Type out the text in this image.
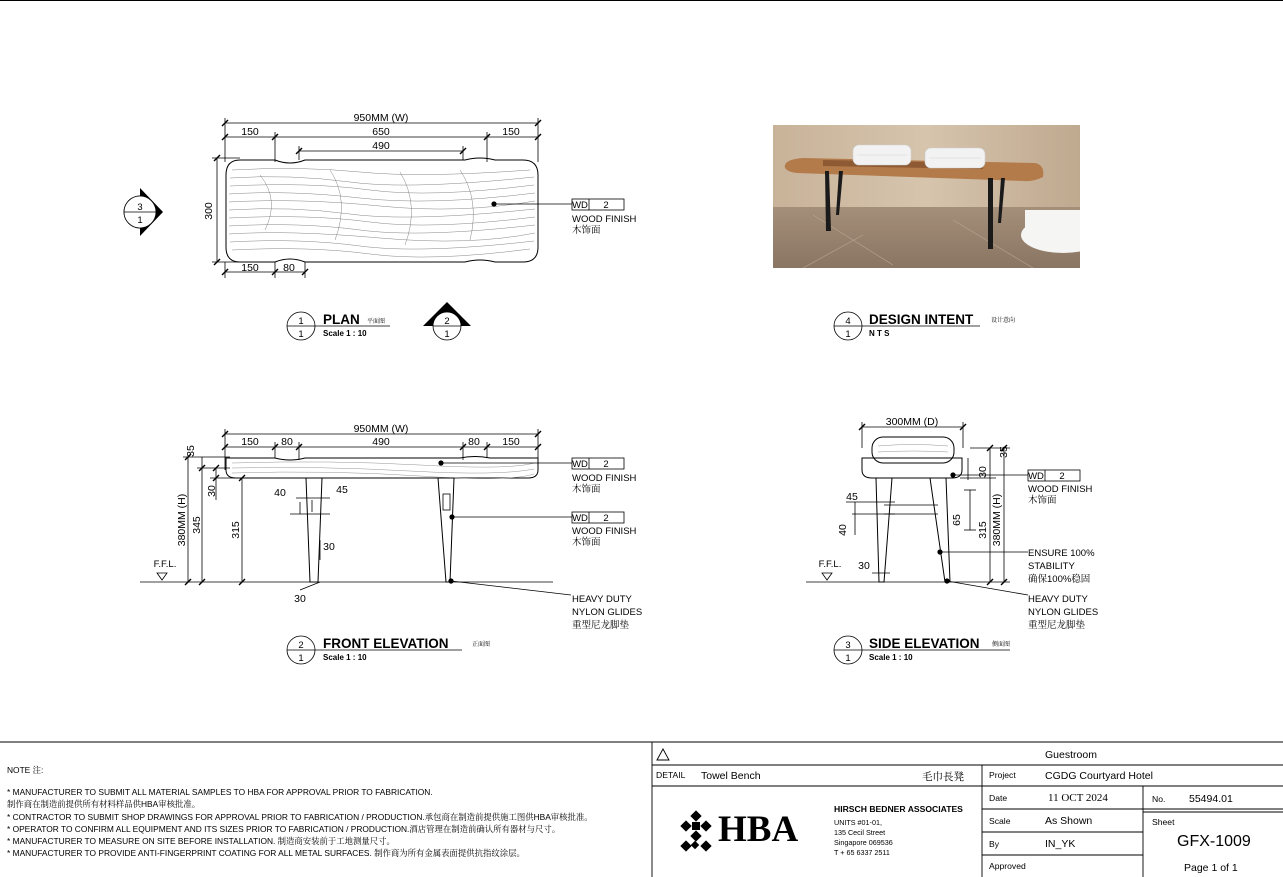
950MM (W)
150	650	150
490
300
150 80
WD 2
WOOD FINISH
木饰面
3
1
1
1
PLAN 平面图
Scale 1 : 10
2
1
4
1
DESIGN INTENT	设计意向
N T S
950MM (W)
150 80	490	80 150
35
30
345
380MM (H)	315
40	45
30
30
F.F.L.
WD 2
WOOD FINISH
木饰面
WD 2
WOOD FINISH
木饰面
HEAVY DUTY
NYLON GLIDES
重型尼龙脚垫
2
1
FRONT ELEVATION	正面图
Scale 1 : 10
300MM (D)
35
30
45
40
65
315 380MM (H)
30
F.F.L.
WD 2
WOOD FINISH
木饰面
ENSURE 100%
STABILITY
确保100%稳固
HEAVY DUTY
NYLON GLIDES
重型尼龙脚垫
3
1
SIDE ELEVATION 侧面图
Scale 1 : 10
NOTE 注:
* MANUFACTURER TO SUBMIT ALL MATERIAL SAMPLES TO HBA FOR APPROVAL PRIOR TO FABRICATION.
制作商在制造前提供所有材料样品供HBA审核批准。
* CONTRACTOR TO SUBMIT SHOP DRAWINGS FOR APPROVAL PRIOR TO FABRICATION / PRODUCTION.承包商在制造前提供施工图供HBA审核批准。
* OPERATOR TO CONFIRM ALL EQUIPMENT AND ITS SIZES PRIOR TO FABRICATION / PRODUCTION.酒店管理在制造前确认所有器材与尺寸。
* MANUFACTURER TO MEASURE ON SITE BEFORE INSTALLATION. 制造商安装前于工地测量尺寸。
* MANUFACTURER TO PROVIDE ANTI-FINGERPRINT COATING FOR ALL METAL SURFACES. 制作商为所有金属表面提供抗指纹涂层。
Guestroom
DETAIL Towel Bench	毛巾長凳	Project	CGDG Courtyard Hotel
Date	11 OCT 2024	No. 55494.01
Scale	As Shown	Sheet
GFX-1009
By	IN_YK
Approved	Page 1 of 1
HBA	HIRSCH BEDNER ASSOCIATES
UNITS #01-01,
135 Cecil Street
Singapore 069536
T + 65 6337 2511
